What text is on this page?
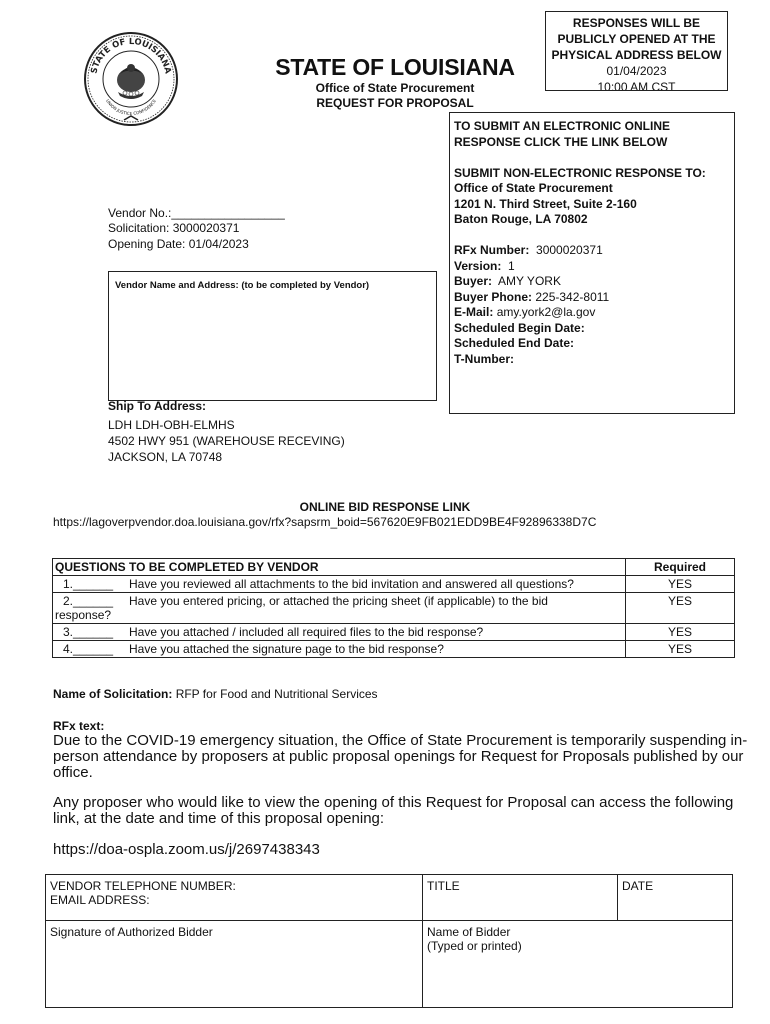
STATE OF LOUISIANA
UNION JUSTICE CONFIDENCE
STATE OF LOUISIANA
Office of State Procurement
REQUEST FOR PROPOSAL
RESPONSES WILL BE
PUBLICLY OPENED AT THE
PHYSICAL ADDRESS BELOW
01/04/2023
10:00 AM CST
Vendor No.:_________________
Solicitation: 3000020371
Opening Date: 01/04/2023
Vendor Name and Address: (to be completed by Vendor)
TO SUBMIT AN ELECTRONIC ONLINE
RESPONSE CLICK THE LINK BELOW
SUBMIT NON-ELECTRONIC RESPONSE TO:
Office of State Procurement
1201 N. Third Street, Suite 2-160
Baton Rouge, LA 70802
RFx Number: 3000020371
Version: 1
Buyer: AMY YORK
Buyer Phone: 225-342-8011
E-Mail: amy.york2@la.gov
Scheduled Begin Date:
Scheduled End Date:
T-Number:
Ship To Address:
LDH LDH-OBH-ELMHS
4502 HWY 951 (WAREHOUSE RECEVING)
JACKSON, LA 70748
ONLINE BID RESPONSE LINK
https://lagoverpvendor.doa.louisiana.gov/rfx?sapsrm_boid=567620E9FB021EDD9BE4F92896338D7C
QUESTIONS TO BE COMPLETED BY VENDOR	Required
1.______ Have you reviewed all attachments to the bid invitation and answered all questions?	YES
2.______ Have you entered pricing, or attached the pricing sheet (if applicable) to the bid
response?	YES
3.______ Have you attached / included all required files to the bid response?	YES
4.______ Have you attached the signature page to the bid response?	YES
Name of Solicitation: RFP for Food and Nutritional Services
RFx text:
Due to the COVID-19 emergency situation, the Office of State Procurement is temporarily suspending in-person attendance by proposers at public proposal openings for Request for Proposals published by our office.
Any proposer who would like to view the opening of this Request for Proposal can access the following link, at the date and time of this proposal opening:
https://doa-ospla.zoom.us/j/2697438343
VENDOR TELEPHONE NUMBER:
EMAIL ADDRESS:	TITLE	DATE

Signature of Authorized Bidder	Name of Bidder
(Typed or printed)	
